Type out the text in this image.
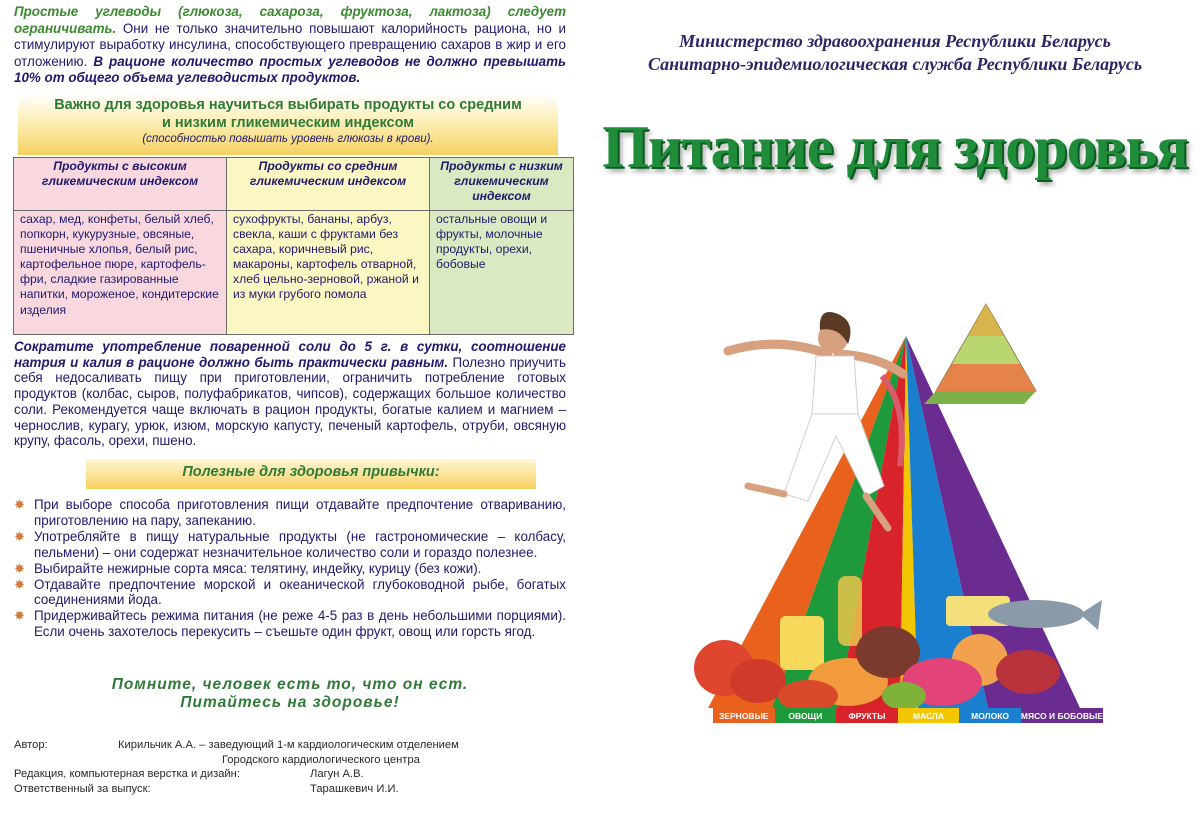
Простые углеводы (глюкоза, сахароза, фруктоза, лактоза) следует ограничивать. Они не только значительно повышают калорийность рациона, но и стимулируют выработку инсулина, способствующего превращению сахаров в жир и его отложению. В рационе количество простых углеводов не должно превышать 10% от общего объема углеводистых продуктов.
Важно для здоровья научиться выбирать продукты со средним
и низким гликемическим индексом
(способностью повышать уровень глюкозы в крови).
Продукты с высоким гликемическим индексом	Продукты со средним гликемическим индексом	Продукты с низким гликемическим индексом
сахар, мед, конфеты, белый хлеб, попкорн, кукурузные, овсяные, пшеничные хлопья, белый рис, картофельное пюре, картофель-фри, сладкие газированные напитки, мороженое, кондитерские изделия	сухофрукты, бананы, арбуз, свекла, каши с фруктами без сахара, коричневый рис, макароны, картофель отварной, хлеб цельно-зерновой, ржаной и из муки грубого помола	остальные овощи и фрукты, молочные продукты, орехи, бобовые
Сократите употребление поваренной соли до 5 г. в сутки, соотношение натрия и калия в рационе должно быть практически равным. Полезно приучить себя недосаливать пищу при приготовлении, ограничить потребление готовых продуктов (колбас, сыров, полуфабрикатов, чипсов), содержащих большое количество соли. Рекомендуется чаще включать в рацион продукты, богатые калием и магнием – чернослив, курагу, урюк, изюм, морскую капусту, печеный картофель, отруби, овсяную крупу, фасоль, орехи, пшено.
Полезные для здоровья привычки:
✸ При выборе способа приготовления пищи отдавайте предпочтение отвариванию, приготовлению на пару, запеканию.
✸ Употребляйте в пищу натуральные продукты (не гастрономические – колбасу, пельмени) – они содержат незначительное количество соли и гораздо полезнее.
✸ Выбирайте нежирные сорта мяса: телятину, индейку, курицу (без кожи).
✸ Отдавайте предпочтение морской и океанической глубоководной рыбе, богатых соединениями йода.
✸ Придерживайтесь режима питания (не реже 4-5 раз в день небольшими порциями). Если очень захотелось перекусить – съешьте один фрукт, овощ или горсть ягод.
Помните, человек есть то, что он ест.
Питайтесь на здоровье!
Автор:	Кирильчик А.А. – заведующий 1-м кардиологическим отделением
Городского кардиологического центра
Редакция, компьютерная верстка и дизайн:	Лагун А.В.
Ответственный за выпуск:	Тарашкевич И.И.
Министерство здравоохранения Республики Беларусь
Санитарно-эпидемиологическая служба Республики Беларусь
Питание для здоровья
ЗЕРНОВЫЕ	ОВОЩИ	ФРУКТЫ	МАСЛА	МОЛОКО	МЯСО И БОБОВЫЕ
